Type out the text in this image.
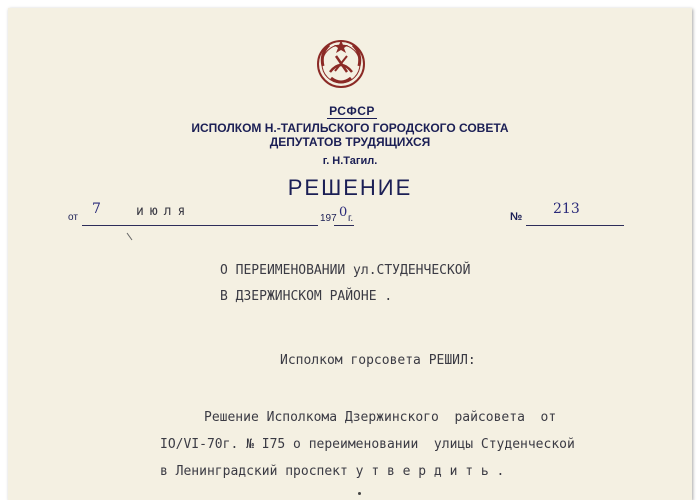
РСФСР
ИСПОЛКОМ Н.-ТАГИЛЬСКОГО ГОРОДСКОГО СОВЕТА
ДЕПУТАТОВ ТРУДЯЩИХСЯ
г. Н.Тагил.
РЕШЕНИЕ
от
7	июля	197 0 г.	№ 213
О ПЕРЕИМЕНОВАНИИ ул.СТУДЕНЧЕСКОЙ
В ДЗЕРЖИНСКОМ РАЙОНЕ .
Исполком горсовета РЕШИЛ:
Решение Исполкома Дзержинского  райсовета  от
IO/VI-70г. № I75 о переименовании  улицы Студенческой
в Ленинградский проспект у т в е р д и т ь .
